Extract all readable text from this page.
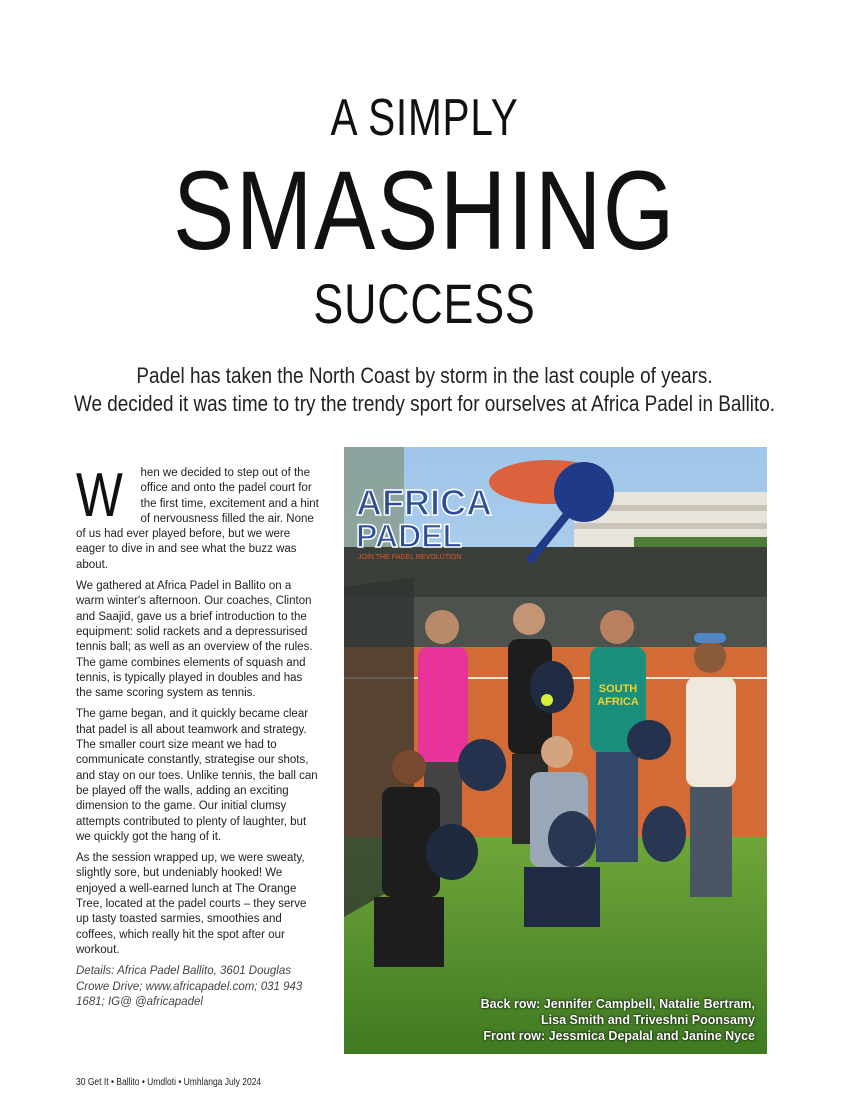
A SIMPLY
SMASHING
SUCCESS
Padel has taken the North Coast by storm in the last couple of years.
We decided it was time to try the trendy sport for ourselves at Africa Padel in Ballito.

W hen we decided to step out of the office and onto the padel court for the first time, excitement and a hint of nervousness filled the air. None of us had ever played before, but we were eager to dive in and see what the buzz was about.

We gathered at Africa Padel in Ballito on a warm winter's afternoon. Our coaches, Clinton and Saajid, gave us a brief introduction to the equipment: solid rackets and a depressurised tennis ball; as well as an overview of the rules. The game combines elements of squash and tennis, is typically played in doubles and has the same scoring system as tennis.

The game began, and it quickly became clear that padel is all about teamwork and strategy. The smaller court size meant we had to communicate constantly, strategise our shots, and stay on our toes. Unlike tennis, the ball can be played off the walls, adding an exciting dimension to the game. Our initial clumsy attempts contributed to plenty of laughter, but we quickly got the hang of it.

As the session wrapped up, we were sweaty, slightly sore, but undeniably hooked! We enjoyed a well-earned lunch at The Orange Tree, located at the padel courts – they serve up tasty toasted sarmies, smoothies and coffees, which really hit the spot after our workout.

Details: Africa Padel Ballito, 3601 Douglas Crowe Drive; www.africapadel.com; 031 943 1681; IG@ @africapadel

AFRICA
PADEL
JOIN THE PADEL REVOLUTION
SOUTH
AFRICA
Back row: Jennifer Campbell, Natalie Bertram,
Lisa Smith and Triveshni Poonsamy
Front row: Jessmica Depalal and Janine Nyce
30 Get It • Ballito • Umdloti • Umhlanga July 2024
